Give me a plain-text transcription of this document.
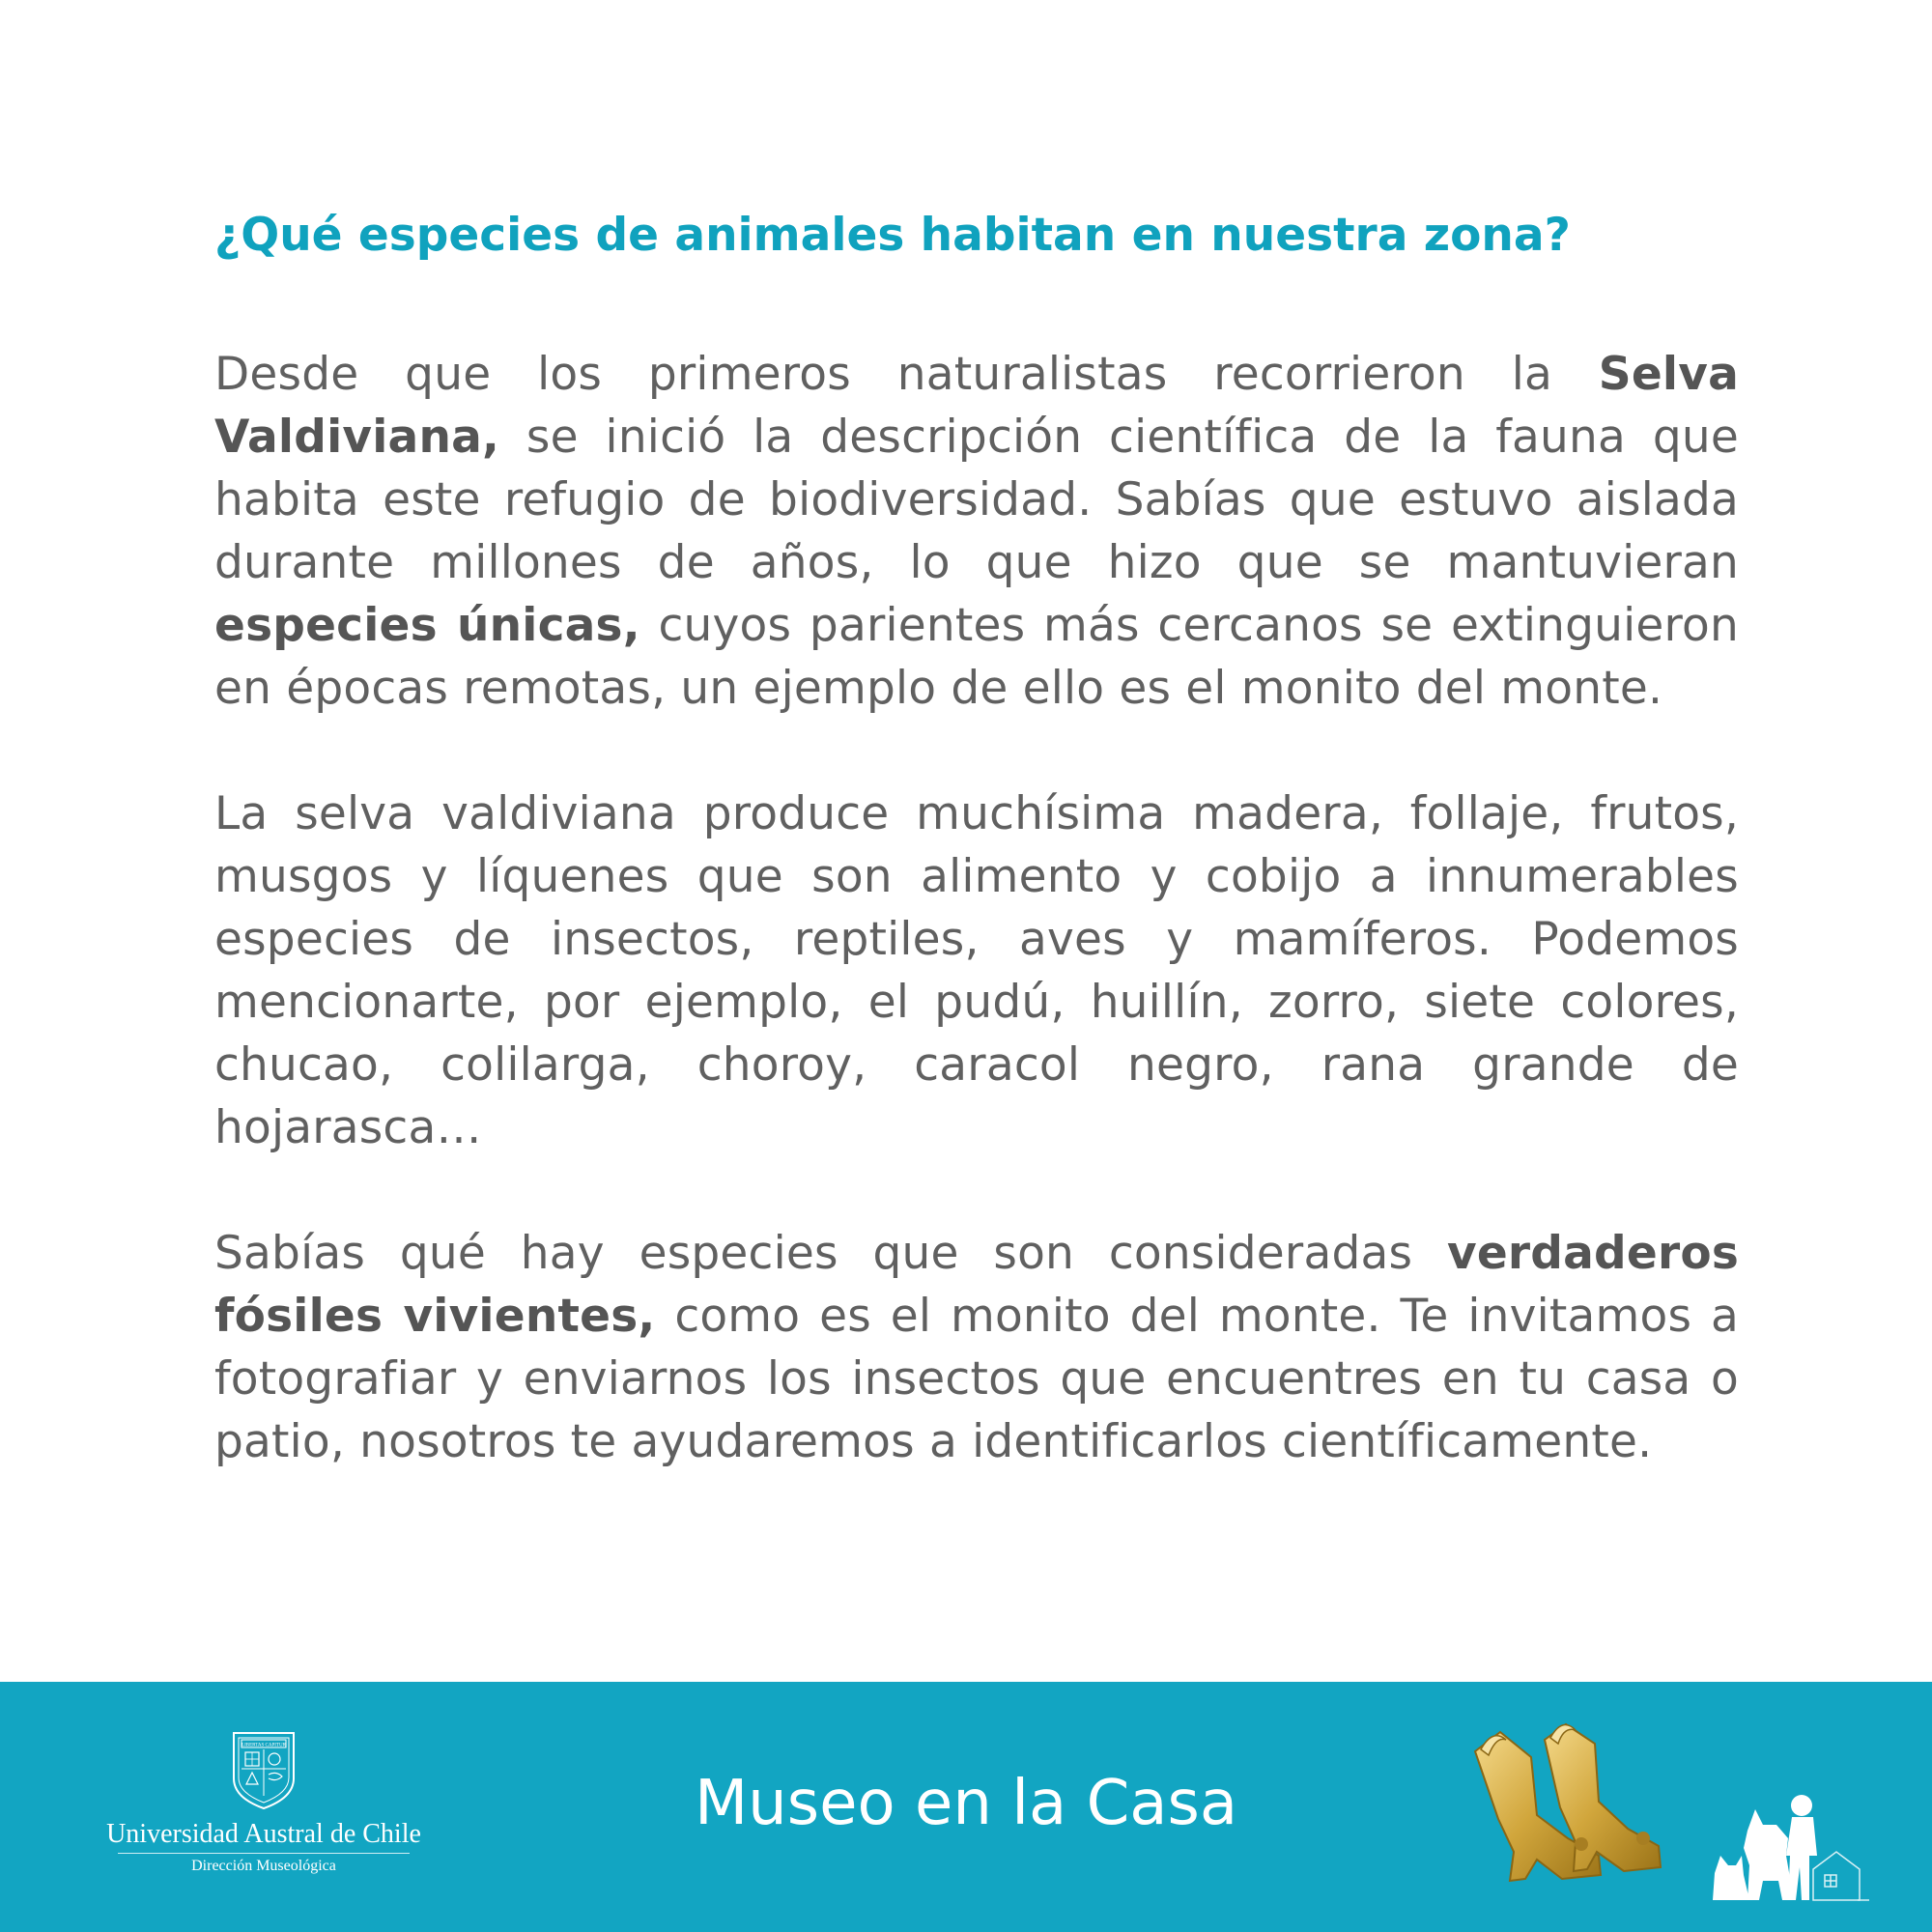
¿Qué especies de animales habitan en nuestra zona?

Desde que los primeros naturalistas recorrieron la Selva Valdiviana, se inició la descripción científica de la fauna que habita este refugio de biodiversidad. Sabías que estuvo aislada durante millones de años, lo que hizo que se mantuvieran especies únicas, cuyos parientes más cercanos se extinguieron en épocas remotas, un ejemplo de ello es el monito del monte.

La selva valdiviana produce muchísima madera, follaje, frutos, musgos y líquenes que son alimento y cobijo a innumerables especies de insectos, reptiles, aves y mamíferos. Podemos mencionarte, por ejemplo, el pudú, huillín, zorro, siete colores, chucao, colilarga, choroy, caracol negro, rana grande de hojarasca…

Sabías qué hay especies que son consideradas verdaderos fósiles vivientes, como es el monito del monte. Te invitamos a fotografiar y enviarnos los insectos que encuentres en tu casa o patio, nosotros te ayudaremos a identificarlos científicamente.

LIBERTAS CAPITUR
Universidad Austral de Chile
Dirección Museológica
Museo en la Casa
